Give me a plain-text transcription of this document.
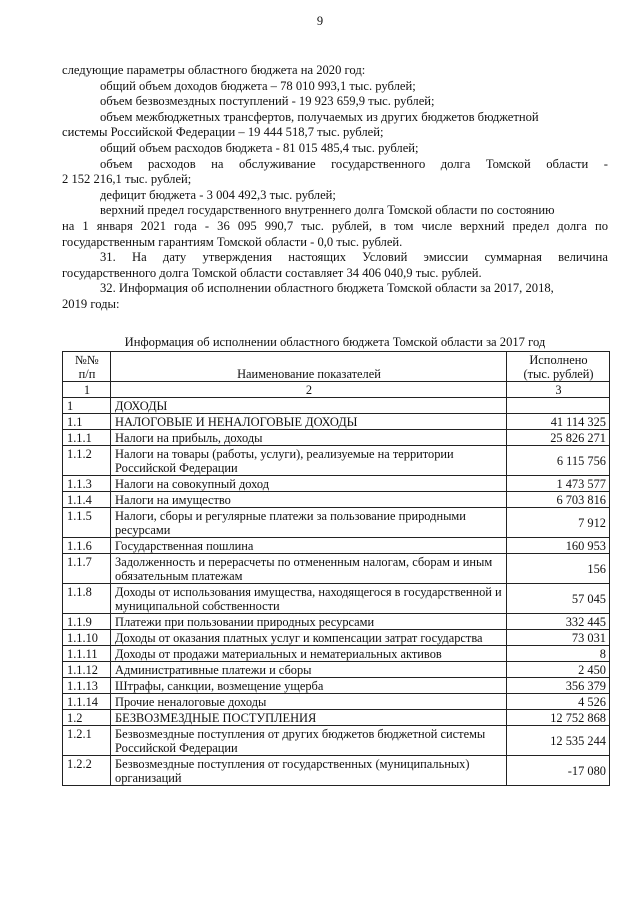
9
следующие параметры областного бюджета на 2020 год:
общий объем доходов бюджета – 78 010 993,1 тыс. рублей;
объем безвозмездных поступлений - 19 923 659,9 тыс. рублей;
объем межбюджетных трансфертов, получаемых из других бюджетов бюджетной
системы Российской Федерации – 19 444 518,7 тыс. рублей;
общий объем расходов бюджета - 81 015 485,4 тыс. рублей;
объем расходов на обслуживание государственного долга Томской области -
2 152 216,1 тыс. рублей;
дефицит бюджета - 3 004 492,3 тыс. рублей;
верхний предел государственного внутреннего долга Томской области по состоянию
на 1 января 2021 года - 36 095 990,7 тыс. рублей, в том числе верхний предел долга по
государственным гарантиям Томской области - 0,0 тыс. рублей.
31. На дату утверждения настоящих Условий эмиссии суммарная величина
государственного долга Томской области составляет 34 406 040,9 тыс. рублей.
32. Информация об исполнении областного бюджета Томской области за 2017, 2018,
2019 годы:
Информация об исполнении областного бюджета Томской области за 2017 год
№№
п/п	Наименование показателей	Исполнено
(тыс. рублей)
1	2	3
1	ДОХОДЫ	
1.1	НАЛОГОВЫЕ И НЕНАЛОГОВЫЕ ДОХОДЫ	41 114 325
1.1.1	Налоги на прибыль, доходы	25 826 271
1.1.2	Налоги на товары (работы, услуги), реализуемые на территории Российской Федерации	6 115 756
1.1.3	Налоги на совокупный доход	1 473 577
1.1.4	Налоги на имущество	6 703 816
1.1.5	Налоги, сборы и регулярные платежи за пользование природными ресурсами	7 912
1.1.6	Государственная пошлина	160 953
1.1.7	Задолженность и перерасчеты по отмененным налогам, сборам и иным обязательным платежам	156
1.1.8	Доходы от использования имущества, находящегося в государственной и муниципальной собственности	57 045
1.1.9	Платежи при пользовании природных ресурсами	332 445
1.1.10	Доходы от оказания платных услуг и компенсации затрат государства	73 031
1.1.11	Доходы от продажи материальных и нематериальных активов	8
1.1.12	Административные платежи и сборы	2 450
1.1.13	Штрафы, санкции, возмещение ущерба	356 379
1.1.14	Прочие неналоговые доходы	4 526
1.2	БЕЗВОЗМЕЗДНЫЕ ПОСТУПЛЕНИЯ	12 752 868
1.2.1	Безвозмездные поступления от других бюджетов бюджетной системы Российской Федерации	12 535 244
1.2.2	Безвозмездные поступления от государственных (муниципальных) организаций	-17 080
